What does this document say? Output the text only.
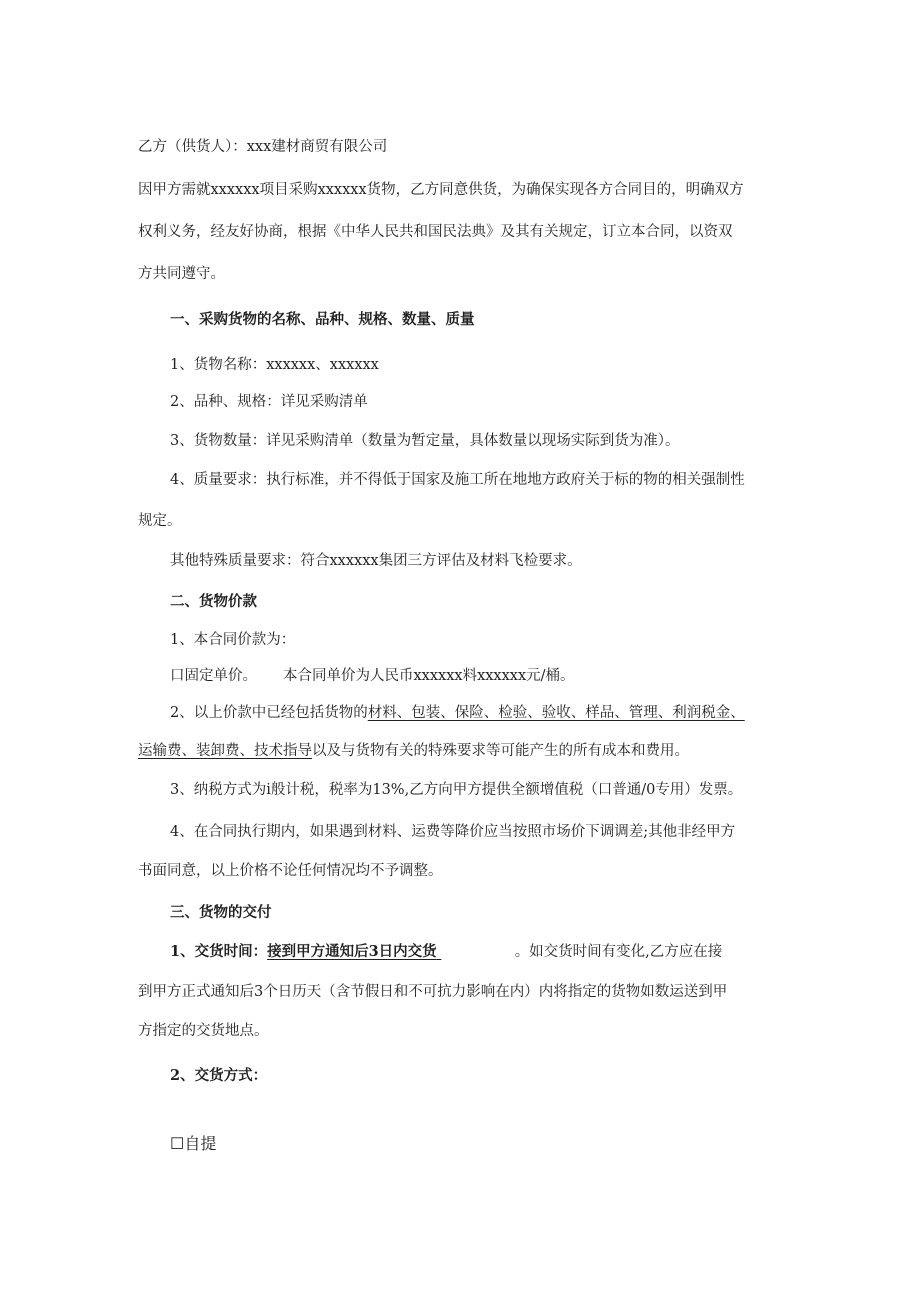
乙方（供货人）：xxx建材商贸有限公司
因甲方需就xxxxxx项目采购xxxxxx货物，乙方同意供货，为确保实现各方合同目的，明确双方
权利义务，经友好协商，根据《中华人民共和国民法典》及其有关规定，订立本合同，以资双
方共同遵守。
一、采购货物的名称、品种、规格、数量、质量
1、货物名称：xxxxxx、xxxxxx
2、品种、规格：详见采购清单
3、货物数量：详见采购清单（数量为暂定量，具体数量以现场实际到货为准）。
4、质量要求：执行标准，并不得低于国家及施工所在地地方政府关于标的物的相关强制性
规定。
其他特殊质量要求：符合xxxxxx集团三方评估及材料飞检要求。
二、货物价款
1、本合同价款为：
口固定单价。 本合同单价为人民币xxxxxx料xxxxxx元/桶。
2、以上价款中已经包括货物的材料、包装、保险、检验、验收、样品、管理、利润税金、
运输费、装卸费、技术指导以及与货物有关的特殊要求等可能产生的所有成本和费用。
3、纳税方式为i般计税，税率为13%,乙方向甲方提供全额增值税（口普通/0专用）发票。
4、在合同执行期内，如果遇到材料、运费等降价应当按照市场价下调调差;其他非经甲方
书面同意，以上价格不论任何情况均不予调整。
三、货物的交付
1、交货时间：接到甲方通知后3日内交货	。如交货时间有变化,乙方应在接
到甲方正式通知后3个日历天（含节假日和不可抗力影响在内）内将指定的货物如数运送到甲
方指定的交货地点。
2、交货方式：
☐自提
